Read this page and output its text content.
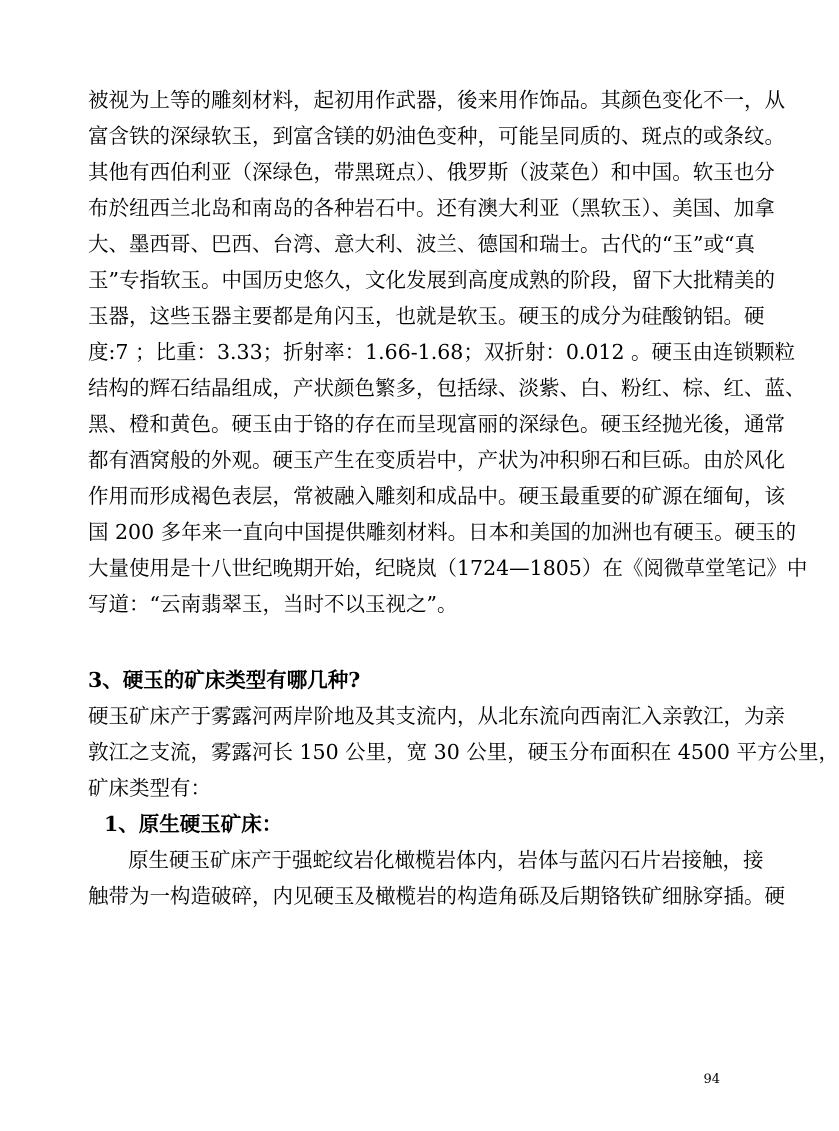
被视为上等的雕刻材料，起初用作武器，後来用作饰品。其颜色变化不一，从
富含铁的深绿软玉，到富含镁的奶油色变种，可能呈同质的、斑点的或条纹。
其他有西伯利亚（深绿色，带黑斑点）、俄罗斯（波菜色）和中国。软玉也分
布於纽西兰北岛和南岛的各种岩石中。还有澳大利亚（黑软玉）、美国、加拿
大、墨西哥、巴西、台湾、意大利、波兰、德国和瑞士。古代的“玉”或“真
玉”专指软玉。中国历史悠久，文化发展到高度成熟的阶段，留下大批精美的
玉器，这些玉器主要都是角闪玉，也就是软玉。硬玉的成分为硅酸钠铝。硬
度:7 ；比重：3.33；折射率：1.66-1.68；双折射：0.012 。硬玉由连锁颗粒
结构的辉石结晶组成，产状颜色繁多，包括绿、淡紫、白、粉红、棕、红、蓝、
黑、橙和黄色。硬玉由于铬的存在而呈现富丽的深绿色。硬玉经抛光後，通常
都有酒窝般的外观。硬玉产生在变质岩中，产状为冲积卵石和巨砾。由於风化
作用而形成褐色表层，常被融入雕刻和成品中。硬玉最重要的矿源在缅甸，该
国 200 多年来一直向中国提供雕刻材料。日本和美国的加洲也有硬玉。硬玉的
大量使用是十八世纪晚期开始，纪晓岚（1724—1805）在《阅微草堂笔记》中
写道：“云南翡翠玉，当时不以玉视之”。
3、硬玉的矿床类型有哪几种?
硬玉矿床产于雾露河两岸阶地及其支流内，从北东流向西南汇入亲敦江，为亲
敦江之支流，雾露河长 150 公里，宽 30 公里，硬玉分布面积在 4500 平方公里，
矿床类型有：
1、原生硬玉矿床：
原生硬玉矿床产于强蛇纹岩化橄榄岩体内，岩体与蓝闪石片岩接触，接
触带为一构造破碎，内见硬玉及橄榄岩的构造角砾及后期铬铁矿细脉穿插。硬
94
